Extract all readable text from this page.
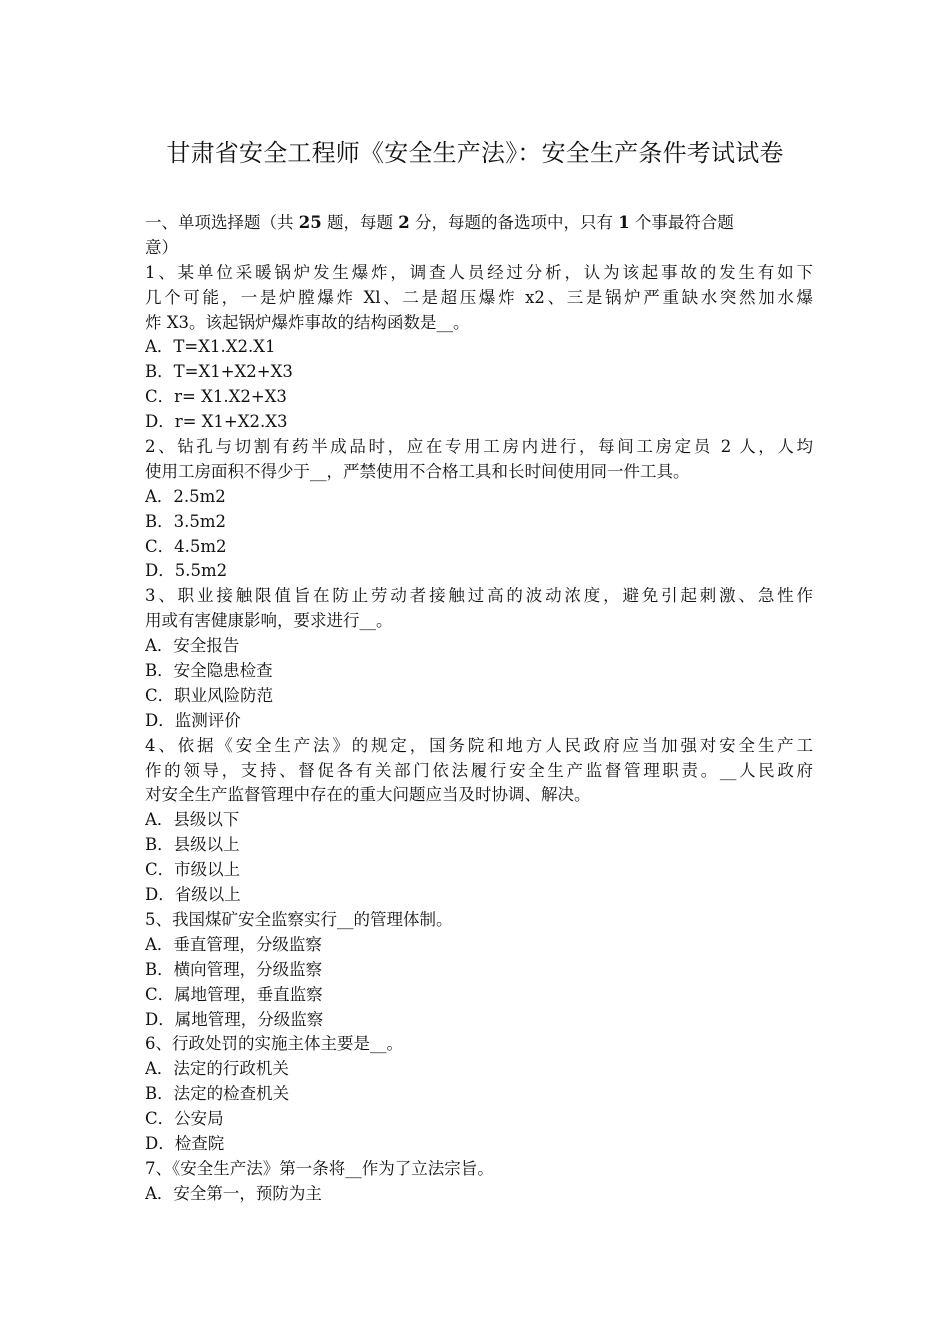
甘肃省安全工程师《安全生产法》：安全生产条件考试试卷
一、单项选择题（共 25 题，每题 2 分，每题的备选项中，只有 1 个事最符合题
意）
1、某单位采暖锅炉发生爆炸，调查人员经过分析，认为该起事故的发生有如下
几个可能，一是炉膛爆炸 Xl、二是超压爆炸 x2、三是锅炉严重缺水突然加水爆
炸 X3。该起锅炉爆炸事故的结构函数是__。
A．T=X1.X2.X1
B．T=X1+X2+X3
C．r= X1.X2+X3
D．r= X1+X2.X3
2、钻孔与切割有药半成品时，应在专用工房内进行，每间工房定员 2 人，人均
使用工房面积不得少于__，严禁使用不合格工具和长时间使用同一件工具。
A．2.5m2
B．3.5m2
C．4.5m2
D．5.5m2
3、职业接触限值旨在防止劳动者接触过高的波动浓度，避免引起刺激、急性作
用或有害健康影响，要求进行__。
A．安全报告
B．安全隐患检查
C．职业风险防范
D．监测评价
4、依据《安全生产法》的规定，国务院和地方人民政府应当加强对安全生产工
作的领导，支持、督促各有关部门依法履行安全生产监督管理职责。__人民政府
对安全生产监督管理中存在的重大问题应当及时协调、解决。
A．县级以下
B．县级以上
C．市级以上
D．省级以上
5、我国煤矿安全监察实行__的管理体制。
A．垂直管理，分级监察
B．横向管理，分级监察
C．属地管理，垂直监察
D．属地管理，分级监察
6、行政处罚的实施主体主要是__。
A．法定的行政机关
B．法定的检查机关
C．公安局
D．检查院
7、《安全生产法》第一条将__作为了立法宗旨。
A．安全第一，预防为主
